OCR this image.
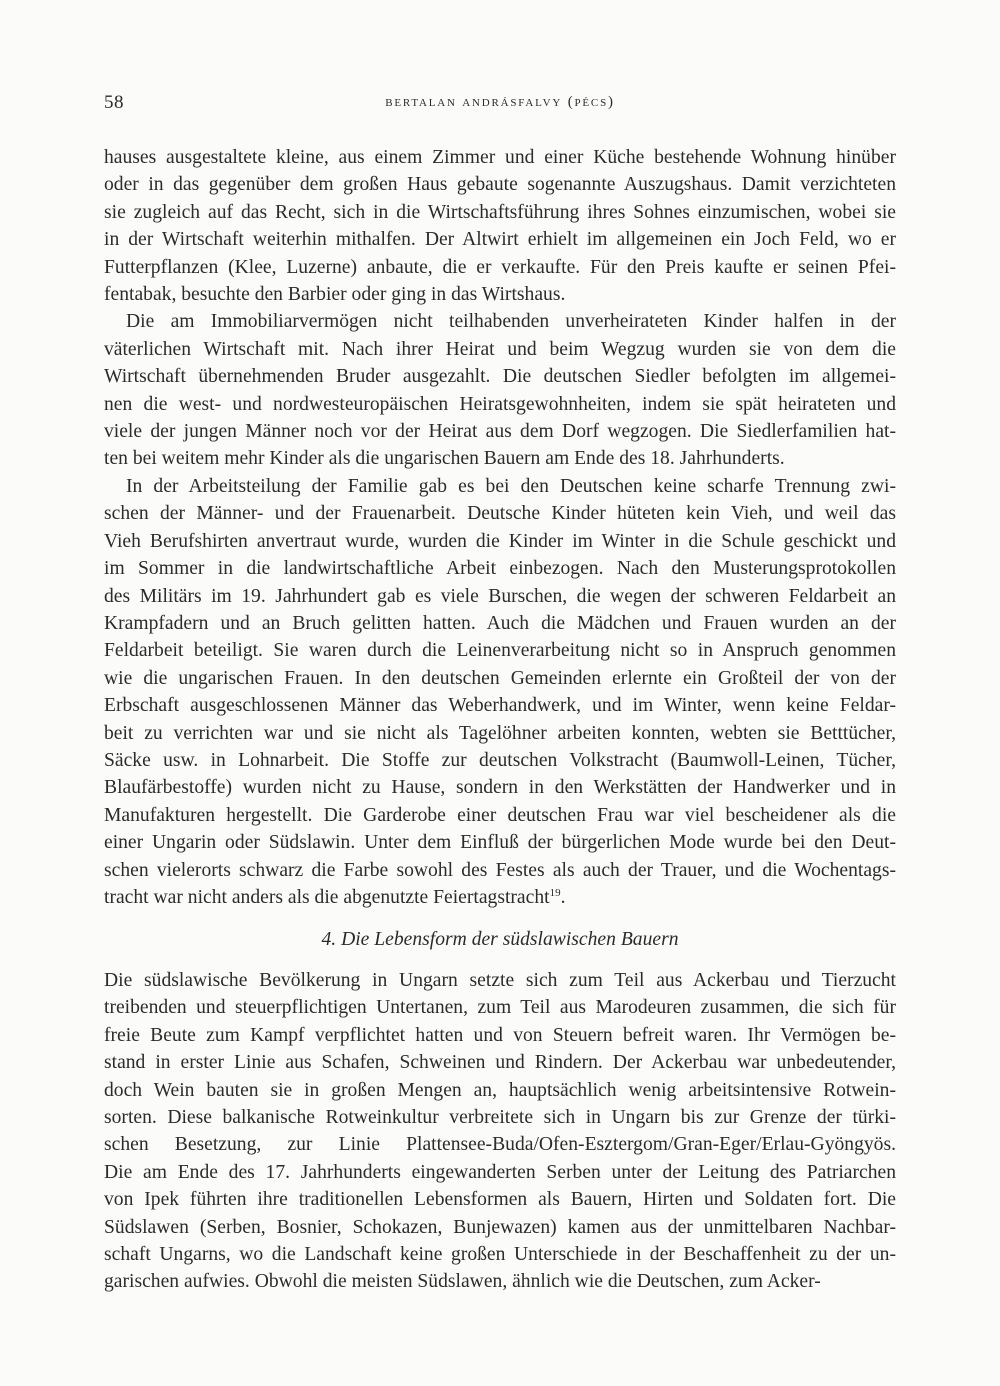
58	bertalan andrásfalvy (pécs)

hauses ausgestaltete kleine, aus einem Zimmer und einer Küche bestehende Wohnung hinüber
oder in das gegenüber dem großen Haus gebaute sogenannte Auszugshaus. Damit verzichteten
sie zugleich auf das Recht, sich in die Wirtschaftsführung ihres Sohnes einzumischen, wobei sie
in der Wirtschaft weiterhin mithalfen. Der Altwirt erhielt im allgemeinen ein Joch Feld, wo er
Futterpflanzen (Klee, Luzerne) anbaute, die er verkaufte. Für den Preis kaufte er seinen Pfei-
fentabak, besuchte den Barbier oder ging in das Wirtshaus.

Die am Immobiliarvermögen nicht teilhabenden unverheirateten Kinder halfen in der
väterlichen Wirtschaft mit. Nach ihrer Heirat und beim Wegzug wurden sie von dem die
Wirtschaft übernehmenden Bruder ausgezahlt. Die deutschen Siedler befolgten im allgemei-
nen die west- und nordwesteuropäischen Heiratsgewohnheiten, indem sie spät heirateten und
viele der jungen Männer noch vor der Heirat aus dem Dorf wegzogen. Die Siedlerfamilien hat-
ten bei weitem mehr Kinder als die ungarischen Bauern am Ende des 18. Jahrhunderts.

In der Arbeitsteilung der Familie gab es bei den Deutschen keine scharfe Trennung zwi-
schen der Männer- und der Frauenarbeit. Deutsche Kinder hüteten kein Vieh, und weil das
Vieh Berufshirten anvertraut wurde, wurden die Kinder im Winter in die Schule geschickt und
im Sommer in die landwirtschaftliche Arbeit einbezogen. Nach den Musterungsprotokollen
des Militärs im 19. Jahrhundert gab es viele Burschen, die wegen der schweren Feldarbeit an
Krampfadern und an Bruch gelitten hatten. Auch die Mädchen und Frauen wurden an der
Feldarbeit beteiligt. Sie waren durch die Leinenverarbeitung nicht so in Anspruch genommen
wie die ungarischen Frauen. In den deutschen Gemeinden erlernte ein Großteil der von der
Erbschaft ausgeschlossenen Männer das Weberhandwerk, und im Winter, wenn keine Feldar-
beit zu verrichten war und sie nicht als Tagelöhner arbeiten konnten, webten sie Betttücher,
Säcke usw. in Lohnarbeit. Die Stoffe zur deutschen Volkstracht (Baumwoll-Leinen, Tücher,
Blaufärbestoffe) wurden nicht zu Hause, sondern in den Werkstätten der Handwerker und in
Manufakturen hergestellt. Die Garderobe einer deutschen Frau war viel bescheidener als die
einer Ungarin oder Südslawin. Unter dem Einfluß der bürgerlichen Mode wurde bei den Deut-
schen vielerorts schwarz die Farbe sowohl des Festes als auch der Trauer, und die Wochentags-
tracht war nicht anders als die abgenutzte Feiertagstracht$^{19}$.

4. Die Lebensform der südslawischen Bauern

Die südslawische Bevölkerung in Ungarn setzte sich zum Teil aus Ackerbau und Tierzucht
treibenden und steuerpflichtigen Untertanen, zum Teil aus Marodeuren zusammen, die sich für
freie Beute zum Kampf verpflichtet hatten und von Steuern befreit waren. Ihr Vermögen be-
stand in erster Linie aus Schafen, Schweinen und Rindern. Der Ackerbau war unbedeutender,
doch Wein bauten sie in großen Mengen an, hauptsächlich wenig arbeitsintensive Rotwein-
sorten. Diese balkanische Rotweinkultur verbreitete sich in Ungarn bis zur Grenze der türki-
schen Besetzung, zur Linie Plattensee-Buda/Ofen-Esztergom/Gran-Eger/Erlau-Gyöngyös.
Die am Ende des 17. Jahrhunderts eingewanderten Serben unter der Leitung des Patriarchen
von Ipek führten ihre traditionellen Lebensformen als Bauern, Hirten und Soldaten fort. Die
Südslawen (Serben, Bosnier, Schokazen, Bunjewazen) kamen aus der unmittelbaren Nachbar-
schaft Ungarns, wo die Landschaft keine großen Unterschiede in der Beschaffenheit zu der un-
garischen aufwies. Obwohl die meisten Südslawen, ähnlich wie die Deutschen, zum Acker-
